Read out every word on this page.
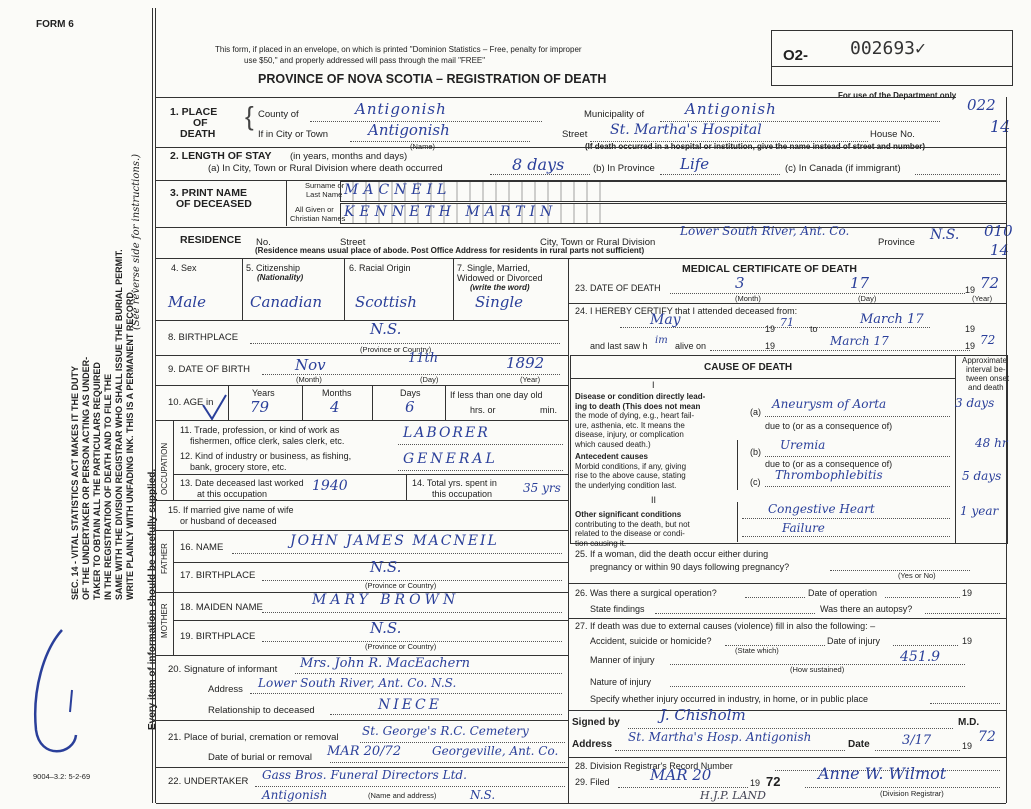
FORM 6
SEC. 14 - VITAL STATISTICS ACT MAKES IT THE DUTY OF THE UNDERTAKER OR PERSON ACTING AS UNDER- TAKER TO OBTAIN ALL THE PARTICULARS REQUIRED IN THE REGISTRATION OF DEATH AND TO FILE THE SAME WITH THE DIVISION REGISTRAR WHO SHALL ISSUE THE BURIAL PERMIT. WRITE PLAINLY WITH UNFADING INK. THIS IS A PERMANENT RECORD.
(See reverse side for instructions.)
Every item of information should be carefully supplied.
9004–3.2: 5-2-69
This form, if placed in an envelope, on which is printed "Dominion Statistics – Free, penalty for improper
use $50," and properly addressed will pass through the mail "FREE"
PROVINCE OF NOVA SCOTIA – REGISTRATION OF DEATH
O2- 002693✓
For use of the Department only
1. PLACE
OF
DEATH
{ County of	Antigonish	Municipality of	Antigonish	022
If in City or Town	Antigonish
(Name)
Street St. Martha's Hospital	House No.	14
(If death occurred in a hospital or institution, give the name instead of street and number)
2. LENGTH OF STAY (in years, months and days)
(a) In City, Town or Rural Division where death occurred	8 days	(b) In Province Life	(c) In Canada (if immigrant)
3. PRINT NAME
OF DECEASED
Surname or
Last Name
All Given or
Christian Names
MACNEIL
KENNETH MARTIN
RESIDENCE No.	Street	City, Town or Rural Division
Lower South River, Ant. Co.
Province N.S. 010
14
(Residence means usual place of abode. Post Office Address for residents in rural parts not sufficient)
4. Sex
Male
5. Citizenship
(Nationality)
Canadian
6. Racial Origin
Scottish
7. Single, Married,
Widowed or Divorced
(write the word)
Single
8. BIRTHPLACE	N.S.
(Province or Country)
9. DATE OF BIRTH	Nov	11th	1892
(Month)	(Day)	(Year)
10. AGE in
Years	Months	Days
79	4	6
If less than one day old
hrs. or	min.
OCCUPATION
11. Trade, profession, or kind of work as
fishermen, office clerk, sales clerk, etc.	LABORER
12. Kind of industry or business, as fishing,
bank, grocery store, etc.	GENERAL
13. Date deceased last worked
at this occupation	1940	14. Total yrs. spent in
this occupation	35 yrs
15. If married give name of wife
or husband of deceased
FATHER
MOTHER
16. NAME	JOHN JAMES MACNEIL
17. BIRTHPLACE	N.S.
(Province or Country)
18. MAIDEN NAME	MARY BROWN
19. BIRTHPLACE	N.S.
(Province or Country)
20. Signature of informant Mrs. John R. MacEachern
Address Lower South River, Ant. Co. N.S.
Relationship to deceased	NIECE
21. Place of burial, cremation or removal St. George's R.C. Cemetery
Date of burial or removal MAR 20/72	Georgeville, Ant. Co.
22. UNDERTAKER Gass Bros. Funeral Directors Ltd.
Antigonish	N.S.
(Name and address)
MEDICAL CERTIFICATE OF DEATH
23. DATE OF DEATH	3	17	19 72
(Month)	(Day)	(Year)
24. I HEREBY CERTIFY that I attended deceased from:
May
19 71 to
March 17
19
and last saw h im alive on	19	March 17	19 72
CAUSE OF DEATH
Approximate
interval be-
tween onset
and death
I
Disease or condition directly lead-
ing to death (This does not mean
the mode of dying, e.g., heart fail-
ure, asthenia, etc. It means the
disease, injury, or complication
which caused death.)
(a)
Aneurysm of Aorta	3 days
due to (or as a consequence of)
Antecedent causes
Morbid conditions, if any, giving
rise to the above cause, stating
the underlying condition last.
(b) Uremia	48 hr
due to (or as a consequence of)
(c) Thrombophlebitis	5 days
II
Other significant conditions
contributing to the death, but not
related to the disease or condi-
tion causing it.
Congestive Heart
Failure
1 year
25. If a woman, did the death occur either during
pregnancy or within 90 days following pregnancy?
(Yes or No)
26. Was there a surgical operation?	Date of operation	19
State findings	Was there an autopsy?
27. If death was due to external causes (violence) fill in also the following: –
Accident, suicide or homicide?	Date of injury	19
(State which)
Manner of injury	451.9
(How sustained)
Nature of injury
Specify whether injury occurred in industry, in home, or in public place
Signed by	J. Chisholm	M.D.
Address
St. Martha's Hosp. Antigonish
Date 3/17	19
72
28. Division Registrar's Record Number
29. Filed	MAR 20	19 72 Anne W. Wilmot
(Division Registrar)
H.J.P. LAND
